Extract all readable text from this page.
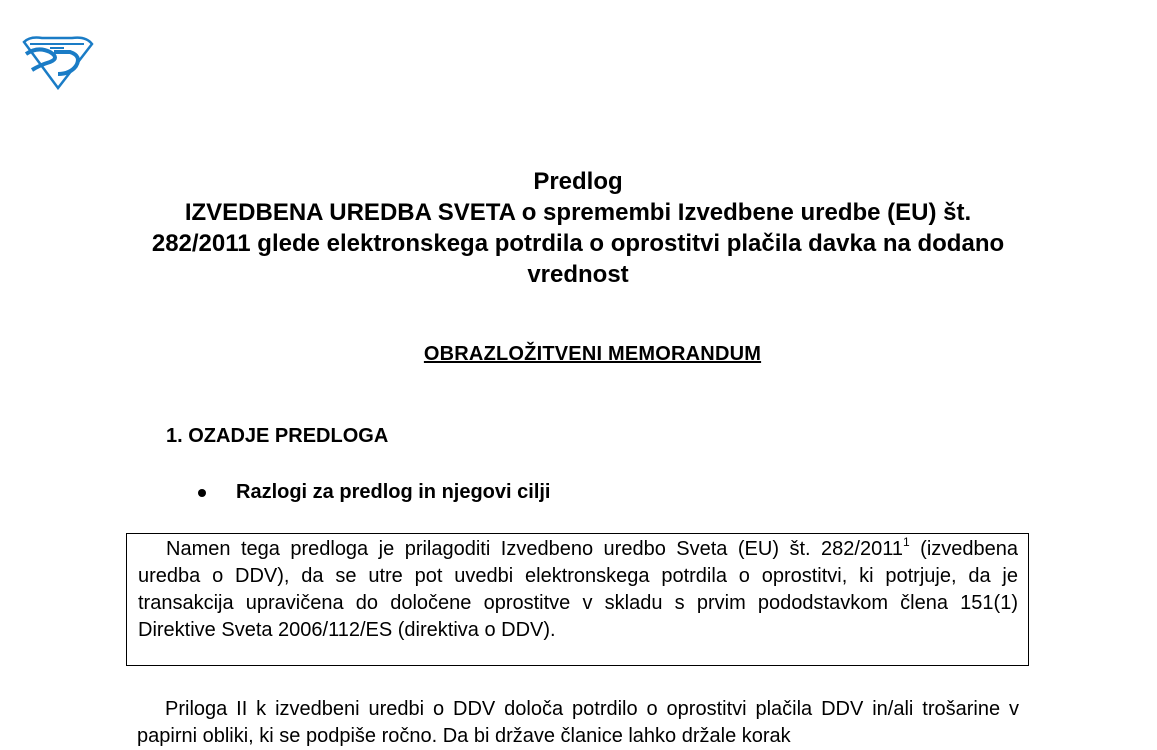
Predlog
IZVEDBENA UREDBA SVETA o spremembi Izvedbene uredbe (EU) št. 282/2011 glede elektronskega potrdila o oprostitvi plačila davka na dodano vrednost
OBRAZLOŽITVENI MEMORANDUM
1. OZADJE PREDLOGA
Razlogi za predlog in njegovi cilji

Namen tega predloga je prilagoditi Izvedbeno uredbo Sveta (EU) št. 282/2011$^1$ (izvedbena uredba o DDV), da se utre pot uvedbi elektronskega potrdila o oprostitvi, ki potrjuje, da je transakcija upravičena do določene oprostitve v skladu s prvim pododstavkom člena 151(1) Direktive Sveta 2006/112/ES (direktiva o DDV).

Priloga II k izvedbeni uredbi o DDV določa potrdilo o oprostitvi plačila DDV in/ali trošarine v papirni obliki, ki se podpiše ročno. Da bi države članice lahko držale korak
